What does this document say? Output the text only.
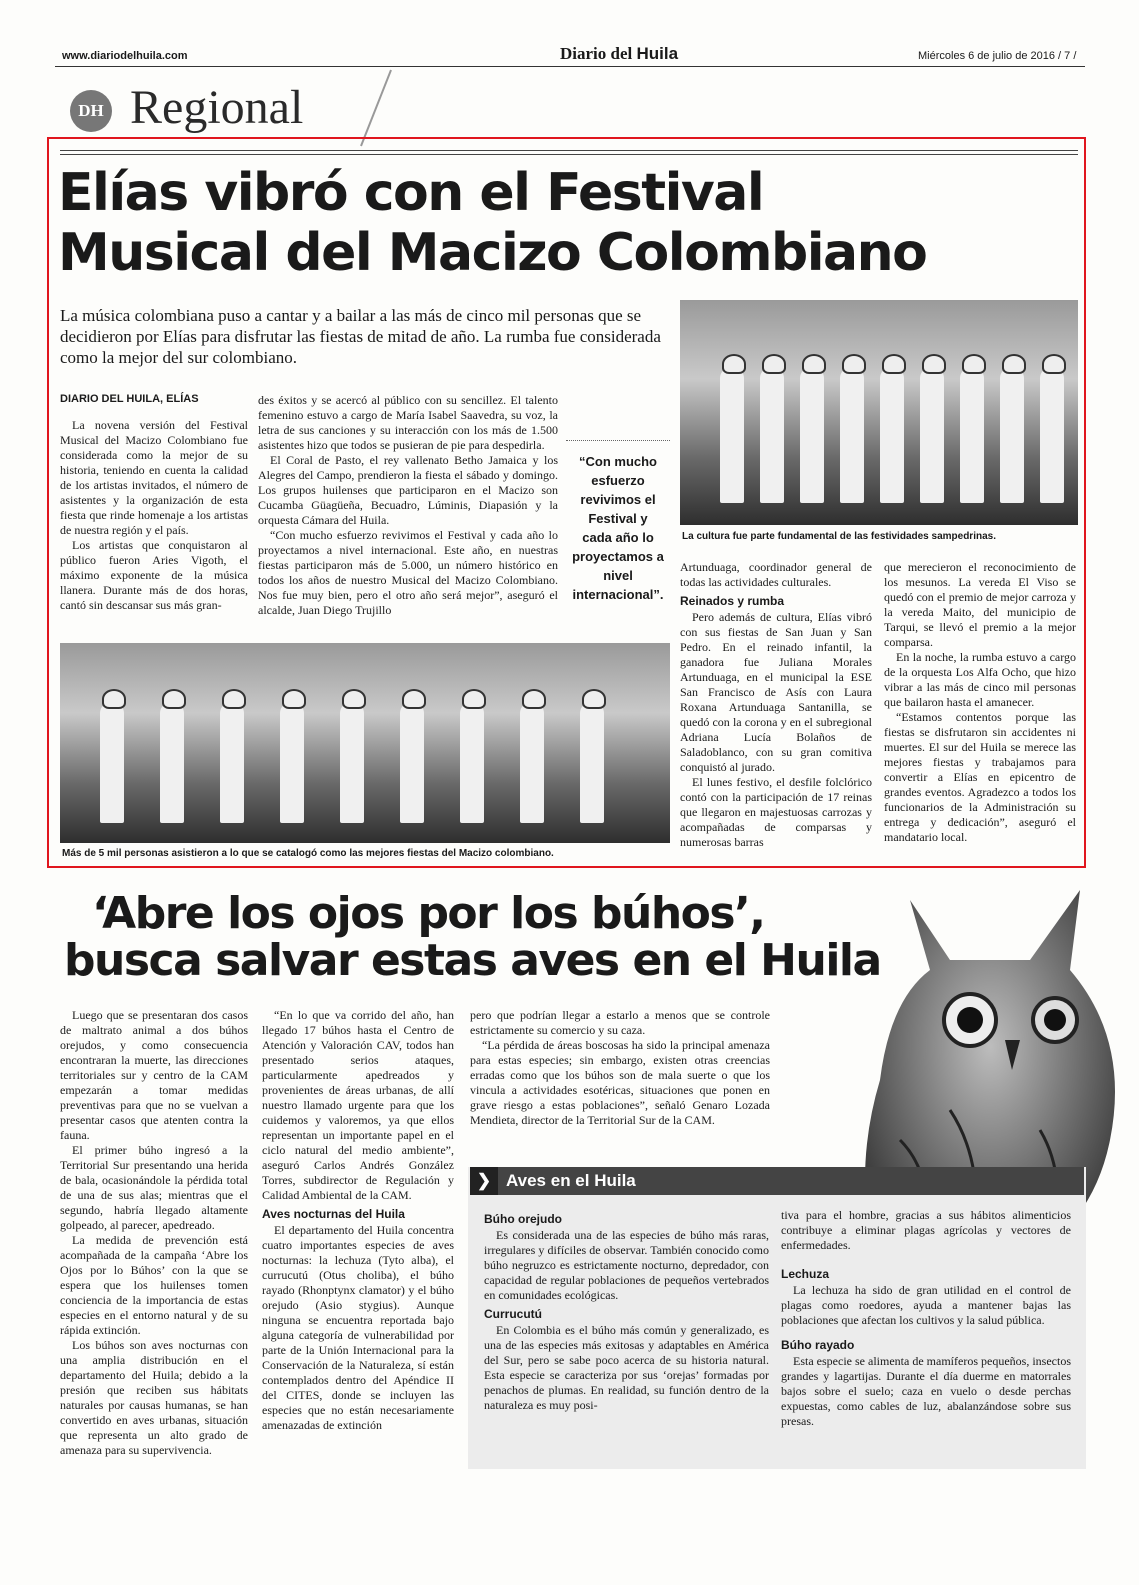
www.diariodelhuila.com	Diario del Huila	Miércoles 6 de julio de 2016 / 7 /
DH Regional
Elías vibró con el Festival
Musical del Macizo Colombiano
La música colombiana puso a cantar y a bailar a las más de cinco mil personas que se decidieron por Elías para disfrutar las fiestas de mitad de año. La rumba fue considerada como la mejor del sur colombiano.
DIARIO DEL HUILA, ELÍAS

La novena versión del Festival Musical del Macizo Colombiano fue considerada como la mejor de su historia, teniendo en cuenta la calidad de los artistas invitados, el número de asistentes y la organización de esta fiesta que rinde homenaje a los artistas de nuestra región y el país.

Los artistas que conquistaron al público fueron Aries Vigoth, el máximo exponente de la música llanera. Durante más de dos horas, cantó sin descansar sus más gran-

des éxitos y se acercó al público con su sencillez. El talento femenino estuvo a cargo de María Isabel Saavedra, su voz, la letra de sus canciones y su interacción con los más de 1.500 asistentes hizo que todos se pusieran de pie para despedirla.

El Coral de Pasto, el rey vallenato Betho Jamaica y los Alegres del Campo, prendieron la fiesta el sábado y domingo. Los grupos huilenses que participaron en el Macizo son Cucamba Güagüeña, Becuadro, Lúminis, Diapasión y la orquesta Cámara del Huila.

“Con mucho esfuerzo revivimos el Festival y cada año lo proyectamos a nivel internacional. Este año, en nuestras fiestas participaron más de 5.000, un número histórico en todos los años de nuestro Musical del Macizo Colombiano. Nos fue muy bien, pero el otro año será mejor”, aseguró el alcalde, Juan Diego Trujillo

“Con mucho esfuerzo revivimos el Festival y cada año lo proyectamos a nivel internacional”.
La cultura fue parte fundamental de las festividades sampedrinas.
Más de 5 mil personas asistieron a lo que se catalogó como las mejores fiestas del Macizo colombiano.

Artunduaga, coordinador general de todas las actividades culturales.

Reinados y rumba

Pero además de cultura, Elías vibró con sus fiestas de San Juan y San Pedro. En el reinado infantil, la ganadora fue Juliana Morales Artunduaga, en el municipal la ESE San Francisco de Asís con Laura Roxana Artunduaga Santanilla, se quedó con la corona y en el subregional Adriana Lucía Bolaños de Saladoblanco, con su gran comitiva conquistó al jurado.

El lunes festivo, el desfile folclórico contó con la participación de 17 reinas que llegaron en majestuosas carrozas y acompañadas de comparsas y numerosas barras

que merecieron el reconocimiento de los mesunos. La vereda El Viso se quedó con el premio de mejor carroza y la vereda Maito, del municipio de Tarqui, se llevó el premio a la mejor comparsa.

En la noche, la rumba estuvo a cargo de la orquesta Los Alfa Ocho, que hizo vibrar a las más de cinco mil personas que bailaron hasta el amanecer.

“Estamos contentos porque las fiestas se disfrutaron sin accidentes ni muertes. El sur del Huila se merece las mejores fiestas y trabajamos para convertir a Elías en epicentro de grandes eventos. Agradezco a todos los funcionarios de la Administración su entrega y dedicación”, aseguró el mandatario local.

‘Abre los ojos por los búhos’,
busca salvar estas aves en el Huila

Luego que se presentaran dos casos de maltrato animal a dos búhos orejudos, y como consecuencia encontraran la muerte, las direcciones territoriales sur y centro de la CAM empezarán a tomar medidas preventivas para que no se vuelvan a presentar casos que atenten contra la fauna.

El primer búho ingresó a la Territorial Sur presentando una herida de bala, ocasionándole la pérdida total de una de sus alas; mientras que el segundo, habría llegado altamente golpeado, al parecer, apedreado.

La medida de prevención está acompañada de la campaña ‘Abre los Ojos por lo Búhos’ con la que se espera que los huilenses tomen conciencia de la importancia de estas especies en el entorno natural y de su rápida extinción.

Los búhos son aves nocturnas con una amplia distribución en el departamento del Huila; debido a la presión que reciben sus hábitats naturales por causas humanas, se han convertido en aves urbanas, situación que representa un alto grado de amenaza para su supervivencia.

“En lo que va corrido del año, han llegado 17 búhos hasta el Centro de Atención y Valoración CAV, todos han presentado serios ataques, particularmente apedreados y provenientes de áreas urbanas, de allí nuestro llamado urgente para que los cuidemos y valoremos, ya que ellos representan un importante papel en el ciclo natural del medio ambiente”, aseguró Carlos Andrés González Torres, subdirector de Regulación y Calidad Ambiental de la CAM.

Aves nocturnas del Huila

El departamento del Huila concentra cuatro importantes especies de aves nocturnas: la lechuza (Tyto alba), el currucutú (Otus choliba), el búho rayado (Rhonptynx clamator) y el búho orejudo (Asio stygius). Aunque ninguna se encuentra reportada bajo alguna categoría de vulnerabilidad por parte de la Unión Internacional para la Conservación de la Naturaleza, sí están contemplados dentro del Apéndice II del CITES, donde se incluyen las especies que no están necesariamente amenazadas de extinción

pero que podrían llegar a estarlo a menos que se controle estrictamente su comercio y su caza.

“La pérdida de áreas boscosas ha sido la principal amenaza para estas especies; sin embargo, existen otras creencias erradas como que los búhos son de mala suerte o que los vincula a actividades esotéricas, situaciones que ponen en grave riesgo a estas poblaciones”, señaló Genaro Lozada Mendieta, director de la Territorial Sur de la CAM.

❯ Aves en el Huila
Búho orejudo

Es considerada una de las especies de búho más raras, irregulares y difíciles de observar. También conocido como búho negruzco es estrictamente nocturno, depredador, con capacidad de regular poblaciones de pequeños vertebrados en comunidades ecológicas.

Currucutú

En Colombia es el búho más común y generalizado, es una de las especies más exitosas y adaptables en América del Sur, pero se sabe poco acerca de su historia natural. Esta especie se caracteriza por sus ‘orejas’ formadas por penachos de plumas. En realidad, su función dentro de la naturaleza es muy posi-

tiva para el hombre, gracias a sus hábitos alimenticios contribuye a eliminar plagas agrícolas y vectores de enfermedades.

Lechuza

La lechuza ha sido de gran utilidad en el control de plagas como roedores, ayuda a mantener bajas las poblaciones que afectan los cultivos y la salud pública.

Búho rayado

Esta especie se alimenta de mamíferos pequeños, insectos grandes y lagartijas. Durante el día duerme en matorrales bajos sobre el suelo; caza en vuelo o desde perchas expuestas, como cables de luz, abalanzándose sobre sus presas.
